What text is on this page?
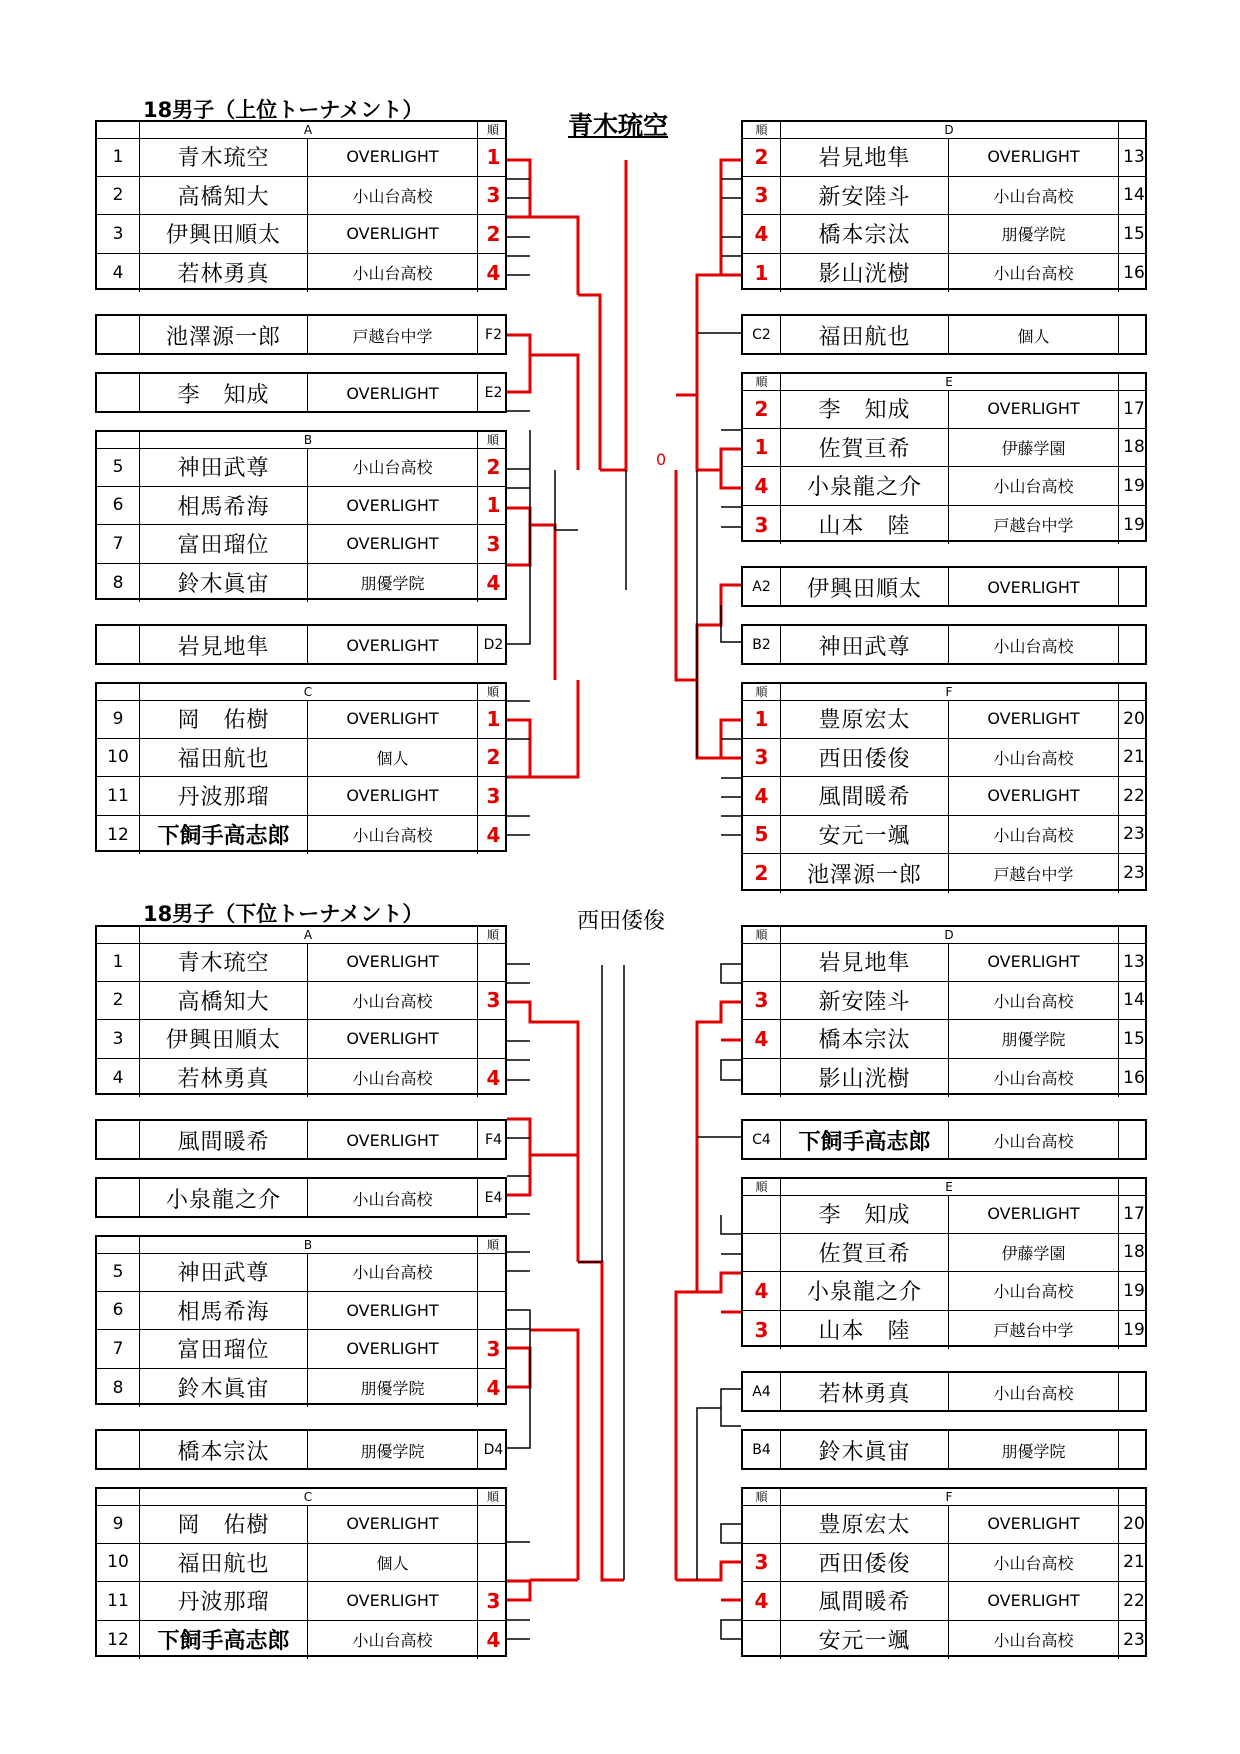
18男子（上位トーナメント）
青木琉空
0
18男子（下位トーナメント）	西田倭俊
A	順
1	青木琉空	OVERLIGHT	1
2	高橋知大	小山台高校	3
3	伊興田順太	OVERLIGHT	2
4	若林勇真	小山台高校	4
池澤源一郎	戸越台中学	F2
李　知成	OVERLIGHT	E2
B	順
5	神田武尊	小山台高校	2
6	相馬希海	OVERLIGHT	1
7	富田瑠位	OVERLIGHT	3
8	鈴木眞宙	朋優学院	4
岩見地隼	OVERLIGHT	D2
C	順
9	岡　佑樹	OVERLIGHT	1
10	福田航也	個人	2
11	丹波那瑠	OVERLIGHT	3
12	下飼手高志郎	小山台高校	4
D
順
2	岩見地隼	OVERLIGHT	13
3	新安陸斗	小山台高校	14
4	橋本宗汰	朋優学院	15
1	影山洸樹	小山台高校	16
C2	福田航也	個人
E
順
2	李　知成	OVERLIGHT	17
1	佐賀亘希	伊藤学園	18
4	小泉龍之介	小山台高校	19
3	山本　陸	戸越台中学	19
A2	伊興田順太	OVERLIGHT
B2	神田武尊	小山台高校
F
順
1	豊原宏太	OVERLIGHT	20
3	西田倭俊	小山台高校	21
4	風間暖希	OVERLIGHT	22
5	安元一颯	小山台高校	23
2	池澤源一郎	戸越台中学	23
A	順
1	青木琉空	OVERLIGHT
2	高橋知大	小山台高校	3
3	伊興田順太	OVERLIGHT
4	若林勇真	小山台高校	4
風間暖希	OVERLIGHT	F4
小泉龍之介	小山台高校	E4
B	順
5	神田武尊	小山台高校
6	相馬希海	OVERLIGHT
7	富田瑠位	OVERLIGHT	3
8	鈴木眞宙	朋優学院	4
橋本宗汰	朋優学院	D4
C	順
9	岡　佑樹	OVERLIGHT
10	福田航也	個人
11	丹波那瑠	OVERLIGHT	3
12	下飼手高志郎	小山台高校	4
D
順
岩見地隼	OVERLIGHT	13
3	新安陸斗	小山台高校	14
4	橋本宗汰	朋優学院	15
影山洸樹	小山台高校	16
C4	下飼手高志郎	小山台高校
E
順
李　知成	OVERLIGHT	17
佐賀亘希	伊藤学園	18
4	小泉龍之介	小山台高校	19
3	山本　陸	戸越台中学	19
A4	若林勇真	小山台高校
B4	鈴木眞宙	朋優学院
F
順
豊原宏太	OVERLIGHT	20
3	西田倭俊	小山台高校	21
4	風間暖希	OVERLIGHT	22
安元一颯	小山台高校	23
